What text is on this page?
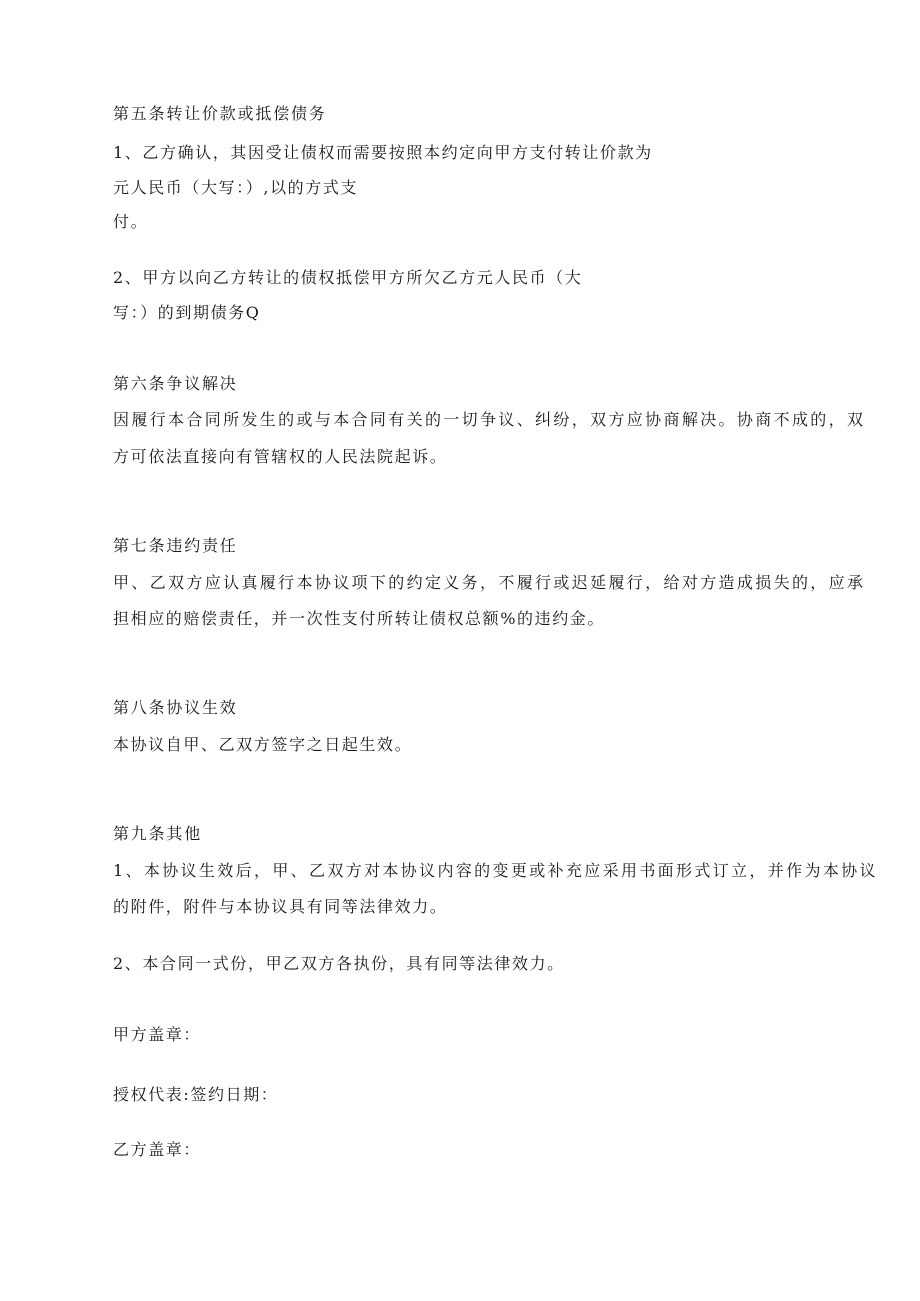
第五条转让价款或抵偿债务
1、乙方确认，其因受让债权而需要按照本约定向甲方支付转让价款为
元人民币（大写：）,以的方式支
付。
2、甲方以向乙方转让的债权抵偿甲方所欠乙方元人民币（大
写：）的到期债务Q
第六条争议解决
因履行本合同所发生的或与本合同有关的一切争议、纠纷，双方应协商解决。协商不成的，双
方可依法直接向有管辖权的人民法院起诉。
第七条违约责任
甲、乙双方应认真履行本协议项下的约定义务，不履行或迟延履行，给对方造成损失的，应承
担相应的赔偿责任，并一次性支付所转让债权总额%的违约金。
第八条协议生效
本协议自甲、乙双方签字之日起生效。
第九条其他
1、本协议生效后，甲、乙双方对本协议内容的变更或补充应采用书面形式订立，并作为本协议
的附件，附件与本协议具有同等法律效力。
2、本合同一式份，甲乙双方各执份，具有同等法律效力。
甲方盖章：
授权代表:签约日期：
乙方盖章：
